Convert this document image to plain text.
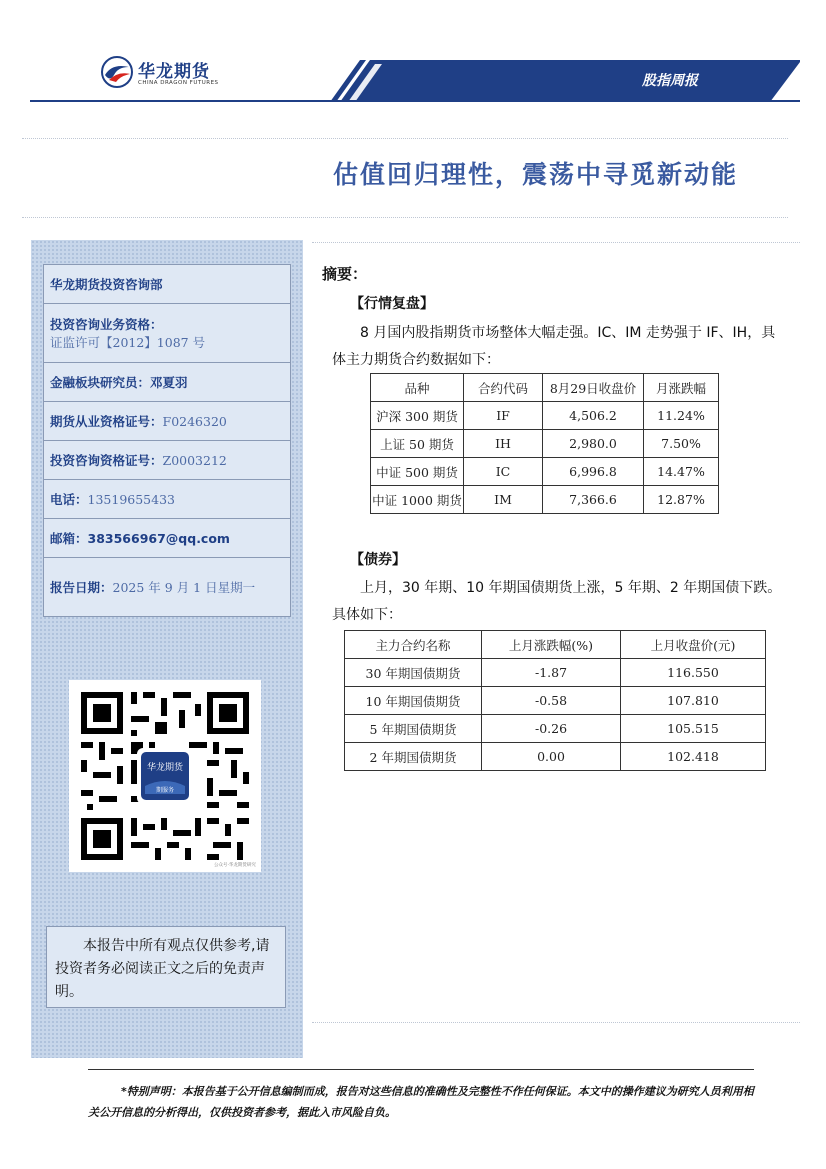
华龙期货
CHINA DRAGON FUTURES	股指周报
估值回归理性，震荡中寻觅新动能
华龙期货投资咨询部
投资咨询业务资格：
证监许可【2012】1087 号
金融板块研究员：邓夏羽
期货从业资格证号：F0246320
投资咨询资格证号：Z0003212
电话：13519655433
邮箱：383566967@qq.com
报告日期：2025 年 9 月 1 日星期一
华龙期货
期服务
公众号·华龙期货研究
本报告中所有观点仅供参考,请投资者务必阅读正文之后的免责声明。
摘要：
【行情复盘】
8 月国内股指期货市场整体大幅走强。IC、IM 走势强于 IF、IH，具体主力期货合约数据如下：
品种	合约代码	8月29日收盘价	月涨跌幅
沪深 300 期货	IF	4,506.2	11.24%
上证 50 期货	IH	2,980.0	7.50%
中证 500 期货	IC	6,996.8	14.47%
中证 1000 期货	IM	7,366.6	12.87%
【债券】
上月，30 年期、10 年期国债期货上涨，5 年期、2 年期国债下跌。具体如下：
主力合约名称	上月涨跌幅(%)	上月收盘价(元)
30 年期国债期货	-1.87	116.550
10 年期国债期货	-0.58	107.810
5 年期国债期货	-0.26	105.515
2 年期国债期货	0.00	102.418
*特别声明：本报告基于公开信息编制而成，报告对这些信息的准确性及完整性不作任何保证。本文中的操作建议为研究人员利用相关公开信息的分析得出，仅供投资者参考，据此入市风险自负。
